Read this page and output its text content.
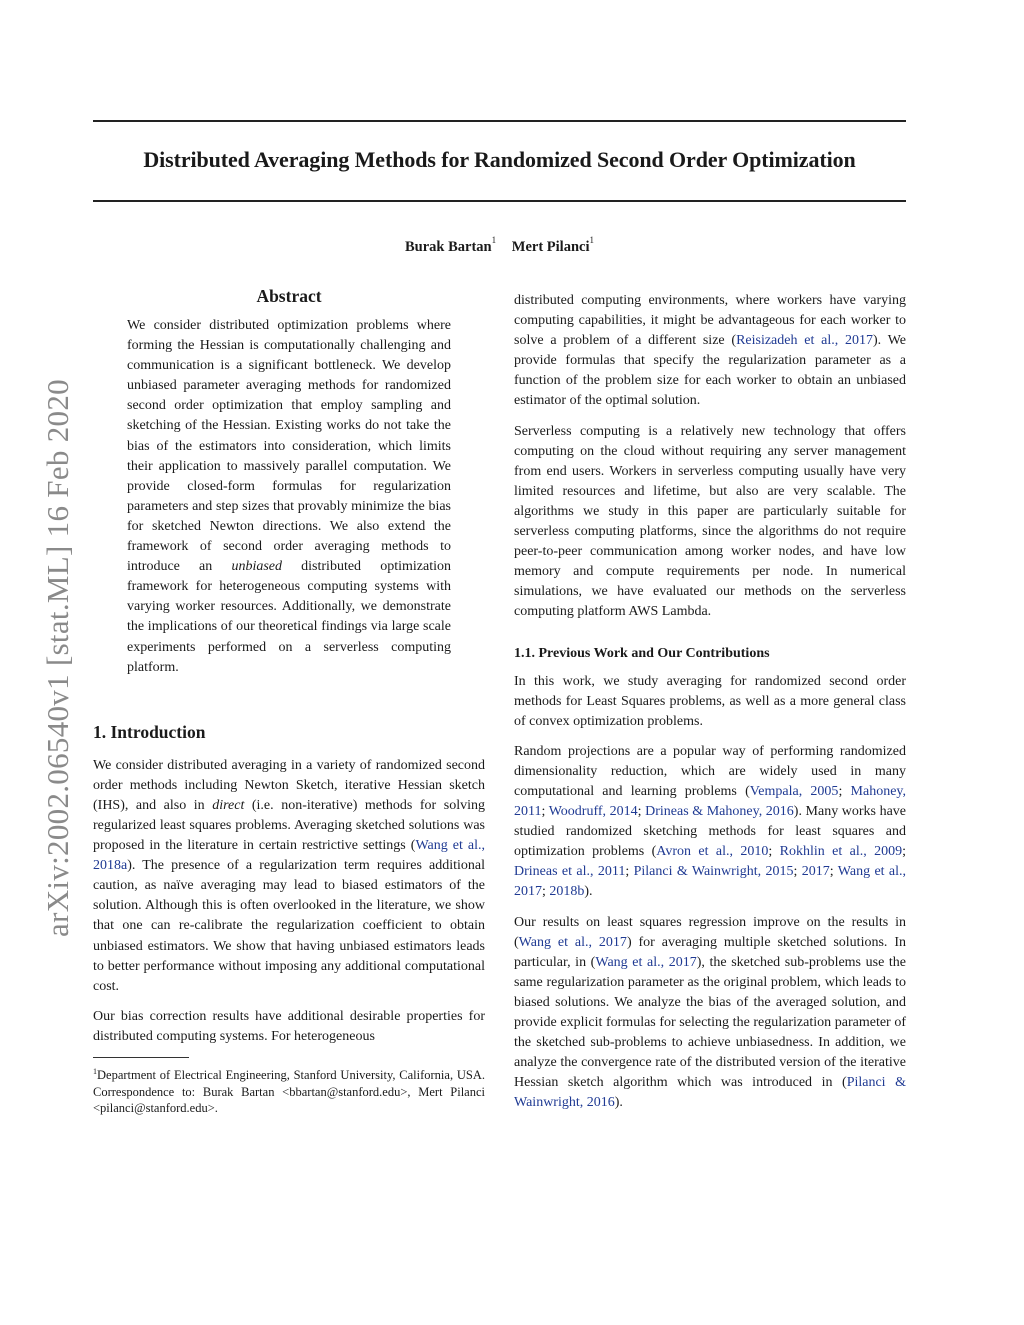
arXiv:2002.06540v1 [stat.ML] 16 Feb 2020
Distributed Averaging Methods for Randomized Second Order Optimization
Burak Bartan$^1$ Mert Pilanci$^1$
Abstract
We consider distributed optimization problems where forming the Hessian is computationally challenging and communication is a significant bottleneck. We develop unbiased parameter averaging methods for randomized second order optimization that employ sampling and sketching of the Hessian. Existing works do not take the bias of the estimators into consideration, which limits their application to massively parallel computation. We provide closed-form formulas for regularization parameters and step sizes that provably minimize the bias for sketched Newton directions. We also extend the framework of second order averaging methods to introduce an unbiased distributed optimization framework for heterogeneous computing systems with varying worker resources. Additionally, we demonstrate the implications of our theoretical findings via large scale experiments performed on a serverless computing platform.
1. Introduction

We consider distributed averaging in a variety of randomized second order methods including Newton Sketch, iterative Hessian sketch (IHS), and also in direct (i.e. non-iterative) methods for solving regularized least squares problems. Averaging sketched solutions was proposed in the literature in certain restrictive settings (Wang et al., 2018a). The presence of a regularization term requires additional caution, as naïve averaging may lead to biased estimators of the solution. Although this is often overlooked in the literature, we show that one can re-calibrate the regularization coefficient to obtain unbiased estimators. We show that having unbiased estimators leads to better performance without imposing any additional computational cost.

Our bias correction results have additional desirable properties for distributed computing systems. For heterogeneous

$^1$Department of Electrical Engineering, Stanford University, California, USA. Correspondence to: Burak Bartan <bbartan@stanford.edu>, Mert Pilanci <pilanci@stanford.edu>.

distributed computing environments, where workers have varying computing capabilities, it might be advantageous for each worker to solve a problem of a different size (Reisizadeh et al., 2017). We provide formulas that specify the regularization parameter as a function of the problem size for each worker to obtain an unbiased estimator of the optimal solution.

Serverless computing is a relatively new technology that offers computing on the cloud without requiring any server management from end users. Workers in serverless computing usually have very limited resources and lifetime, but also are very scalable. The algorithms we study in this paper are particularly suitable for serverless computing platforms, since the algorithms do not require peer-to-peer communication among worker nodes, and have low memory and compute requirements per node. In numerical simulations, we have evaluated our methods on the serverless computing platform AWS Lambda.

1.1. Previous Work and Our Contributions

In this work, we study averaging for randomized second order methods for Least Squares problems, as well as a more general class of convex optimization problems.

Random projections are a popular way of performing randomized dimensionality reduction, which are widely used in many computational and learning problems (Vempala, 2005; Mahoney, 2011; Woodruff, 2014; Drineas & Mahoney, 2016). Many works have studied randomized sketching methods for least squares and optimization problems (Avron et al., 2010; Rokhlin et al., 2009; Drineas et al., 2011; Pilanci & Wainwright, 2015; 2017; Wang et al., 2017; 2018b).

Our results on least squares regression improve on the results in (Wang et al., 2017) for averaging multiple sketched solutions. In particular, in (Wang et al., 2017), the sketched sub-problems use the same regularization parameter as the original problem, which leads to biased solutions. We analyze the bias of the averaged solution, and provide explicit formulas for selecting the regularization parameter of the sketched sub-problems to achieve unbiasedness. In addition, we analyze the convergence rate of the distributed version of the iterative Hessian sketch algorithm which was introduced in (Pilanci & Wainwright, 2016).
